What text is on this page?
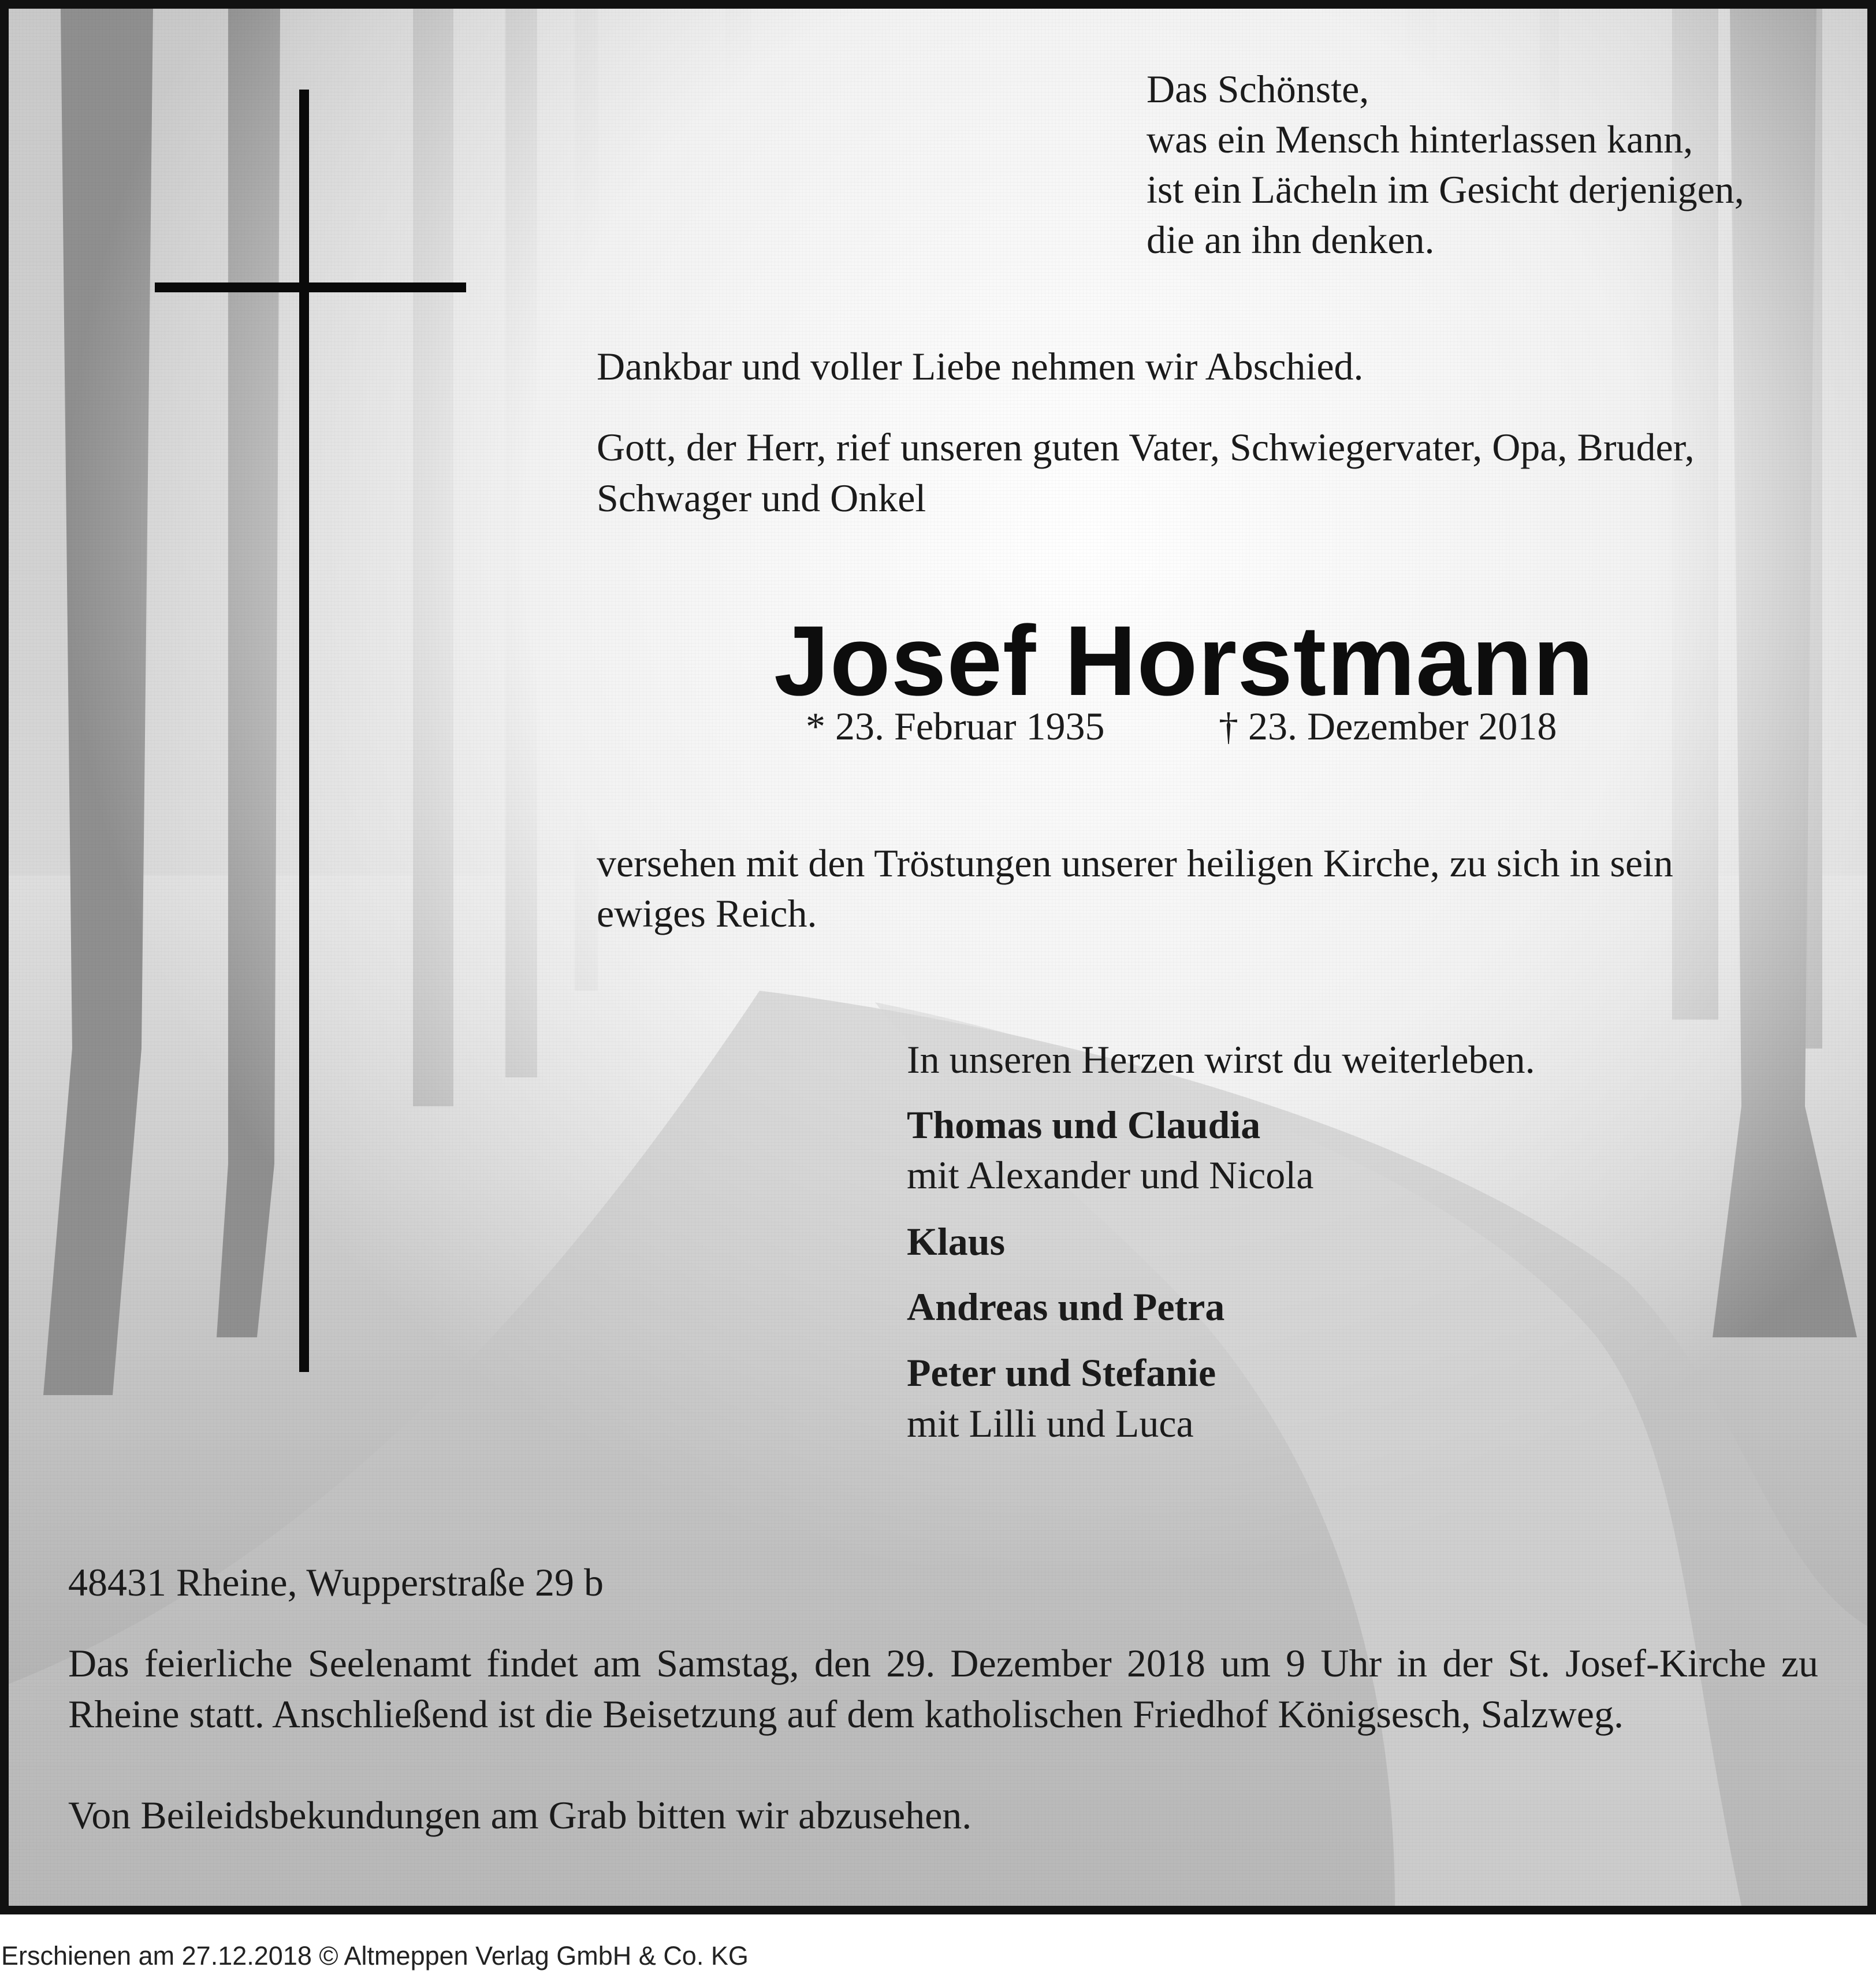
Das Schönste,

was ein Mensch hinterlassen kann,

ist ein Lächeln im Gesicht derjenigen,

die an ihn denken.

Dankbar und voller Liebe nehmen wir Abschied.

Gott, der Herr, rief unseren guten Vater, Schwiegervater, Opa, Bruder,

Schwager und Onkel

Josef Horstmann

* 23. Februar 1935	† 23. Dezember 2018

versehen mit den Tröstungen unserer heiligen Kirche, zu sich in sein

ewiges Reich.

In unseren Herzen wirst du weiterleben.

Thomas und Claudia

mit Alexander und Nicola

Klaus

Andreas und Petra

Peter und Stefanie

mit Lilli und Luca

48431 Rheine, Wupperstraße 29 b

Das feierliche Seelenamt findet am Samstag, den 29. Dezember 2018 um 9 Uhr in der St. Josef-Kirche zu Rheine statt. Anschließend ist die Beisetzung auf dem katholischen Friedhof Königsesch, Salzweg.

Von Beileidsbekundungen am Grab bitten wir abzusehen.

Erschienen am 27.12.2018 © Altmeppen Verlag GmbH & Co. KG
